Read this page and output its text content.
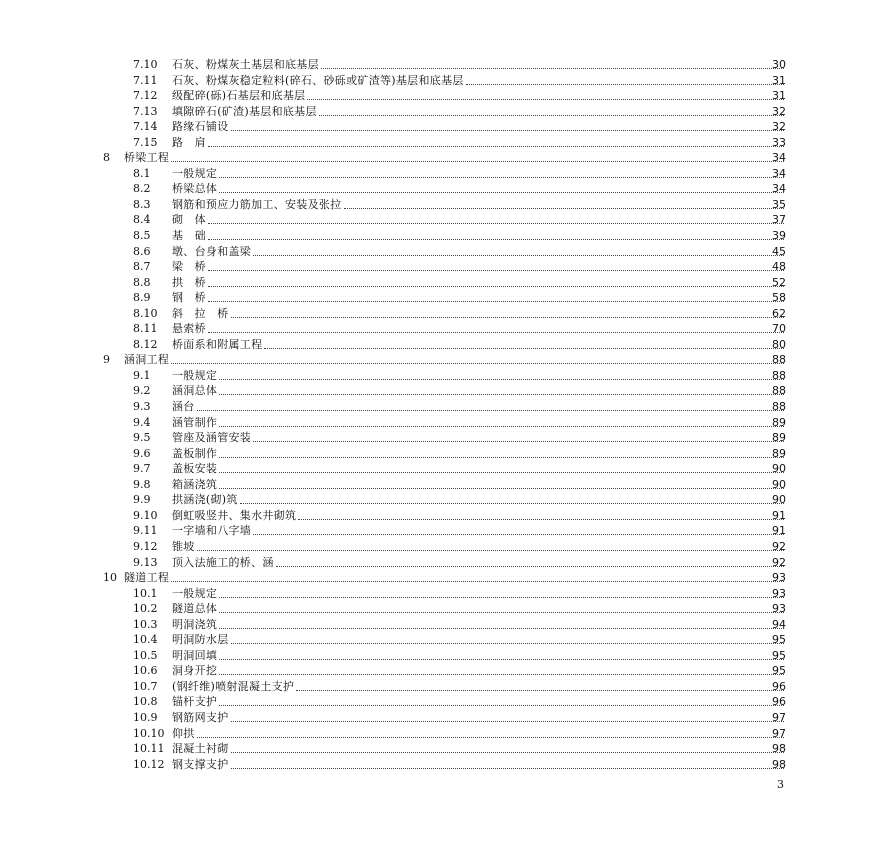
7.10 石灰、粉煤灰土基层和底基层	30
7.11 石灰、粉煤灰稳定粒料(碎石、砂砾或矿渣等)基层和底基层	31
7.12 级配碎(砾)石基层和底基层	31
7.13 填隙碎石(矿渣)基层和底基层	32
7.14 路缘石铺设	32
7.15 路　肩	33
8 桥梁工程	34
8.1 一般规定	34
8.2 桥梁总体	34
8.3 钢筋和预应力筋加工、安装及张拉	35
8.4 砌　体	37
8.5 基　础	39
8.6 墩、台身和盖梁	45
8.7 梁　桥	48
8.8 拱　桥	52
8.9 钢　桥	58
8.10 斜　拉　桥	62
8.11 悬索桥	70
8.12 桥面系和附属工程	80
9 涵洞工程	88
9.1 一般规定	88
9.2 涵洞总体	88
9.3 涵台	88
9.4 涵管制作	89
9.5 管座及涵管安装	89
9.6 盖板制作	89
9.7 盖板安装	90
9.8 箱涵浇筑	90
9.9 拱涵浇(砌)筑	90
9.10 倒虹吸竖井、集水井砌筑	91
9.11 一字墙和八字墙	91
9.12 锥坡	92
9.13 顶入法施工的桥、涵	92
10 隧道工程	93
10.1 一般规定	93
10.2 隧道总体	93
10.3 明洞浇筑	94
10.4 明洞防水层	95
10.5 明洞回填	95
10.6 洞身开挖	95
10.7 (钢纤维)喷射混凝土支护	96
10.8 锚杆支护	96
10.9 钢筋网支护	97
10.10 仰拱	97
10.11 混凝土衬砌	98
10.12 钢支撑支护	98
3
